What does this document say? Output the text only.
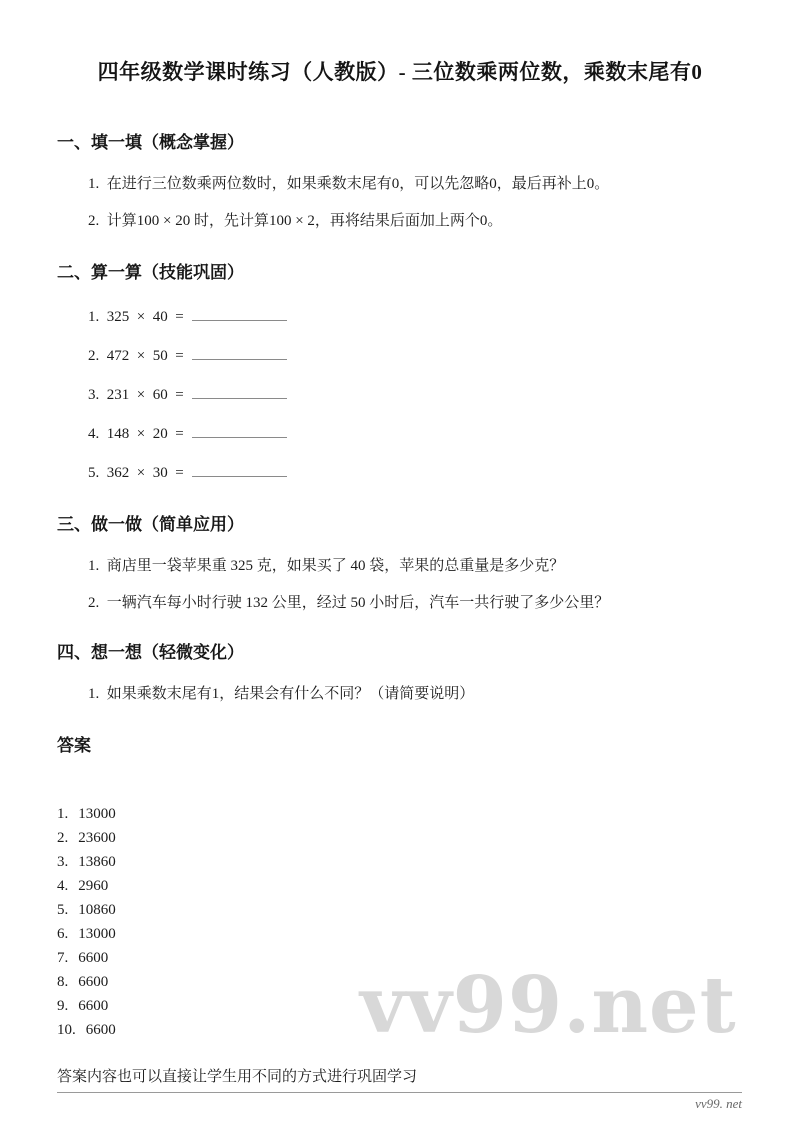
vv99.net
四年级数学课时练习（人教版）- 三位数乘两位数，乘数末尾有0
一、填一填（概念掌握）

1.  在进行三位数乘两位数时，如果乘数末尾有0，可以先忽略0，最后再补上0。

2.  计算100 × 20 时，先计算100 × 2，再将结果后面加上两个0。

二、算一算（技能巩固）

1.  325  ×  40  =

2.  472  ×  50  =

3.  231  ×  60  =

4.  148  ×  20  =

5.  362  ×  30  =

三、做一做（简单应用）

1.  商店里一袋苹果重 325 克，如果买了 40 袋，苹果的总重量是多少克？

2.  一辆汽车每小时行驶 132 公里，经过 50 小时后，汽车一共行驶了多少公里？

四、想一想（轻微变化）

1.  如果乘数末尾有1，结果会有什么不同？（请简要说明）

答案
1. 13000
2. 23600
3. 13860
4. 2960
5. 10860
6. 13000
7. 6600
8. 6600
9. 6600
10. 6600

答案内容也可以直接让学生用不同的方式进行巩固学习

vv99. net
